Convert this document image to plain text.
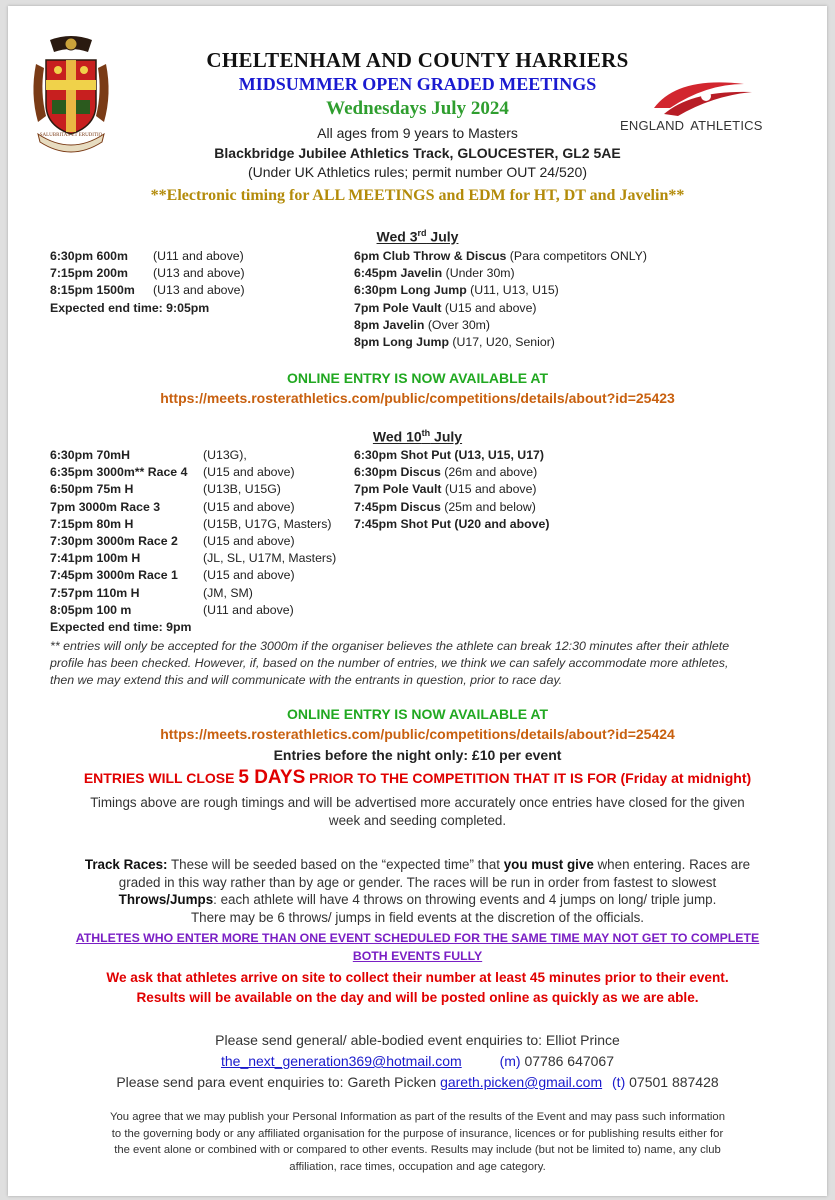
SALUBRITAS ET ERUDITIO
ENGLAND ATHLETICS
CHELTENHAM AND COUNTY HARRIERS
MIDSUMMER OPEN GRADED MEETINGS
Wednesdays July 2024
All ages from 9 years to Masters
Blackbridge Jubilee Athletics Track, GLOUCESTER, GL2 5AE
(Under UK Athletics rules; permit number OUT 24/520)
**Electronic timing for ALL MEETINGS and EDM for HT, DT and Javelin**
Wed 3rd July
6:30pm 600m (U11 and above)
7:15pm 200m (U13 and above)
8:15pm 1500m (U13 and above)
Expected end time: 9:05pm
6pm Club Throw & Discus (Para competitors ONLY)
6:45pm Javelin (Under 30m)
6:30pm Long Jump (U11, U13, U15)
7pm Pole Vault (U15 and above)
8pm Javelin (Over 30m)
8pm Long Jump (U17, U20, Senior)
ONLINE ENTRY IS NOW AVAILABLE AT
https://meets.rosterathletics.com/public/competitions/details/about?id=25423
Wed 10th July
6:30pm 70mH	(U13G),
6:35pm 3000m** Race 4 (U15 and above)
6:50pm 75m H	(U13B, U15G)
7pm 3000m Race 3	(U15 and above)
7:15pm 80m H	(U15B, U17G, Masters)
7:30pm 3000m Race 2 (U15 and above)
7:41pm 100m H	(JL, SL, U17M, Masters)
7:45pm 3000m Race 1 (U15 and above)
7:57pm 110m H	(JM, SM)
8:05pm 100 m	(U11 and above)
Expected end time: 9pm
6:30pm Shot Put (U13, U15, U17)
6:30pm Discus (26m and above)
7pm Pole Vault (U15 and above)
7:45pm Discus (25m and below)
7:45pm Shot Put (U20 and above)
** entries will only be accepted for the 3000m if the organiser believes the athlete can break 12:30 minutes after their athlete
profile has been checked. However, if, based on the number of entries, we think we can safely accommodate more athletes,
then we may extend this and will communicate with the entrants in question, prior to race day.
ONLINE ENTRY IS NOW AVAILABLE AT
https://meets.rosterathletics.com/public/competitions/details/about?id=25424
Entries before the night only: £10 per event
ENTRIES WILL CLOSE 5 DAYS PRIOR TO THE COMPETITION THAT IT IS FOR (Friday at midnight)
Timings above are rough timings and will be advertised more accurately once entries have closed for the given
week and seeding completed.
Track Races: These will be seeded based on the “expected time” that you must give when entering. Races are
graded in this way rather than by age or gender. The races will be run in order from fastest to slowest
Throws/Jumps: each athlete will have 4 throws on throwing events and 4 jumps on long/ triple jump.
There may be 6 throws/ jumps in field events at the discretion of the officials.
ATHLETES WHO ENTER MORE THAN ONE EVENT SCHEDULED FOR THE SAME TIME MAY NOT GET TO COMPLETE
BOTH EVENTS FULLY
We ask that athletes arrive on site to collect their number at least 45 minutes prior to their event.
Results will be available on the day and will be posted online as quickly as we are able.
Please send general/ able-bodied event enquiries to: Elliot Prince
the_next_generation369@hotmail.com	(m) 07786 647067
Please send para event enquiries to: Gareth Picken gareth.picken@gmail.com (t) 07501 887428
You agree that we may publish your Personal Information as part of the results of the Event and may pass such information
to the governing body or any affiliated organisation for the purpose of insurance, licences or for publishing results either for
the event alone or combined with or compared to other events. Results may include (but not be limited to) name, any club
affiliation, race times, occupation and age category.
